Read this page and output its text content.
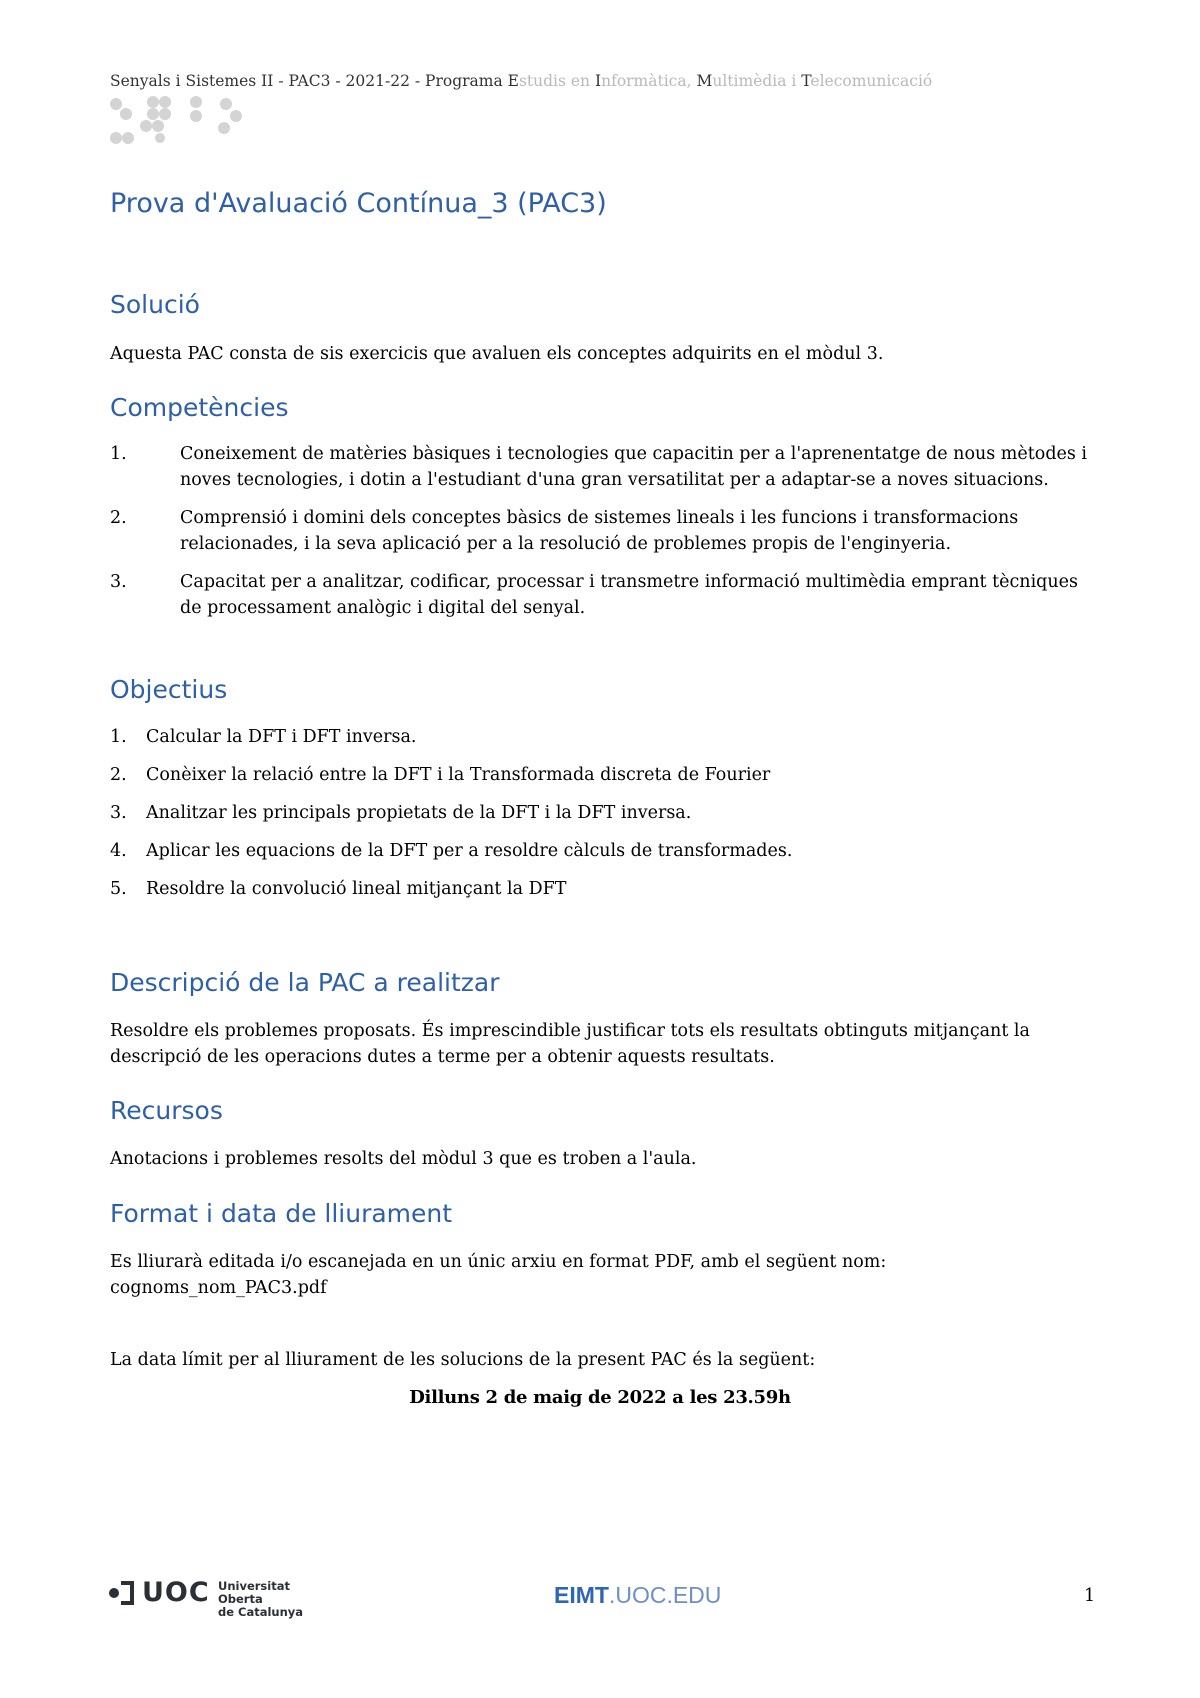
Senyals i Sistemes II - PAC3 - 2021-22 - Programa Estudis en Informàtica, Multimèdia i Telecomunicació
Prova d'Avaluació Contínua_3 (PAC3)
Solució

Aquesta PAC consta de sis exercicis que avaluen els conceptes adquirits en el mòdul 3.

Competències
1.	Coneixement de matèries bàsiques i tecnologies que capacitin per a l'aprenentatge de nous mètodes i noves tecnologies, i dotin a l'estudiant d'una gran versatilitat per a adaptar-se a noves situacions.
2.	Comprensió i domini dels conceptes bàsics de sistemes lineals i les funcions i transformacions relacionades, i la seva aplicació per a la resolució de problemes propis de l'enginyeria.
3.	Capacitat per a analitzar, codificar, processar i transmetre informació multimèdia emprant tècniques de processament analògic i digital del senyal.
Objectius
1. Calcular la DFT i DFT inversa.
2. Conèixer la relació entre la DFT i la Transformada discreta de Fourier
3. Analitzar les principals propietats de la DFT i la DFT inversa.
4. Aplicar les equacions de la DFT per a resoldre càlculs de transformades.
5. Resoldre la convolució lineal mitjançant la DFT
Descripció de la PAC a realitzar

Resoldre els problemes proposats. És imprescindible justificar tots els resultats obtinguts mitjançant la descripció de les operacions dutes a terme per a obtenir aquests resultats.

Recursos

Anotacions i problemes resolts del mòdul 3 que es troben a l'aula.

Format i data de lliurament

Es lliurarà editada i/o escanejada en un únic arxiu en format PDF, amb el següent nom:

cognoms_nom_PAC3.pdf

La data límit per al lliurament de les solucions de la present PAC és la següent:

Dilluns 2 de maig de 2022 a les 23.59h
UOC Universitat Oberta
de Catalunya
EIMT.UOC.EDU	1
